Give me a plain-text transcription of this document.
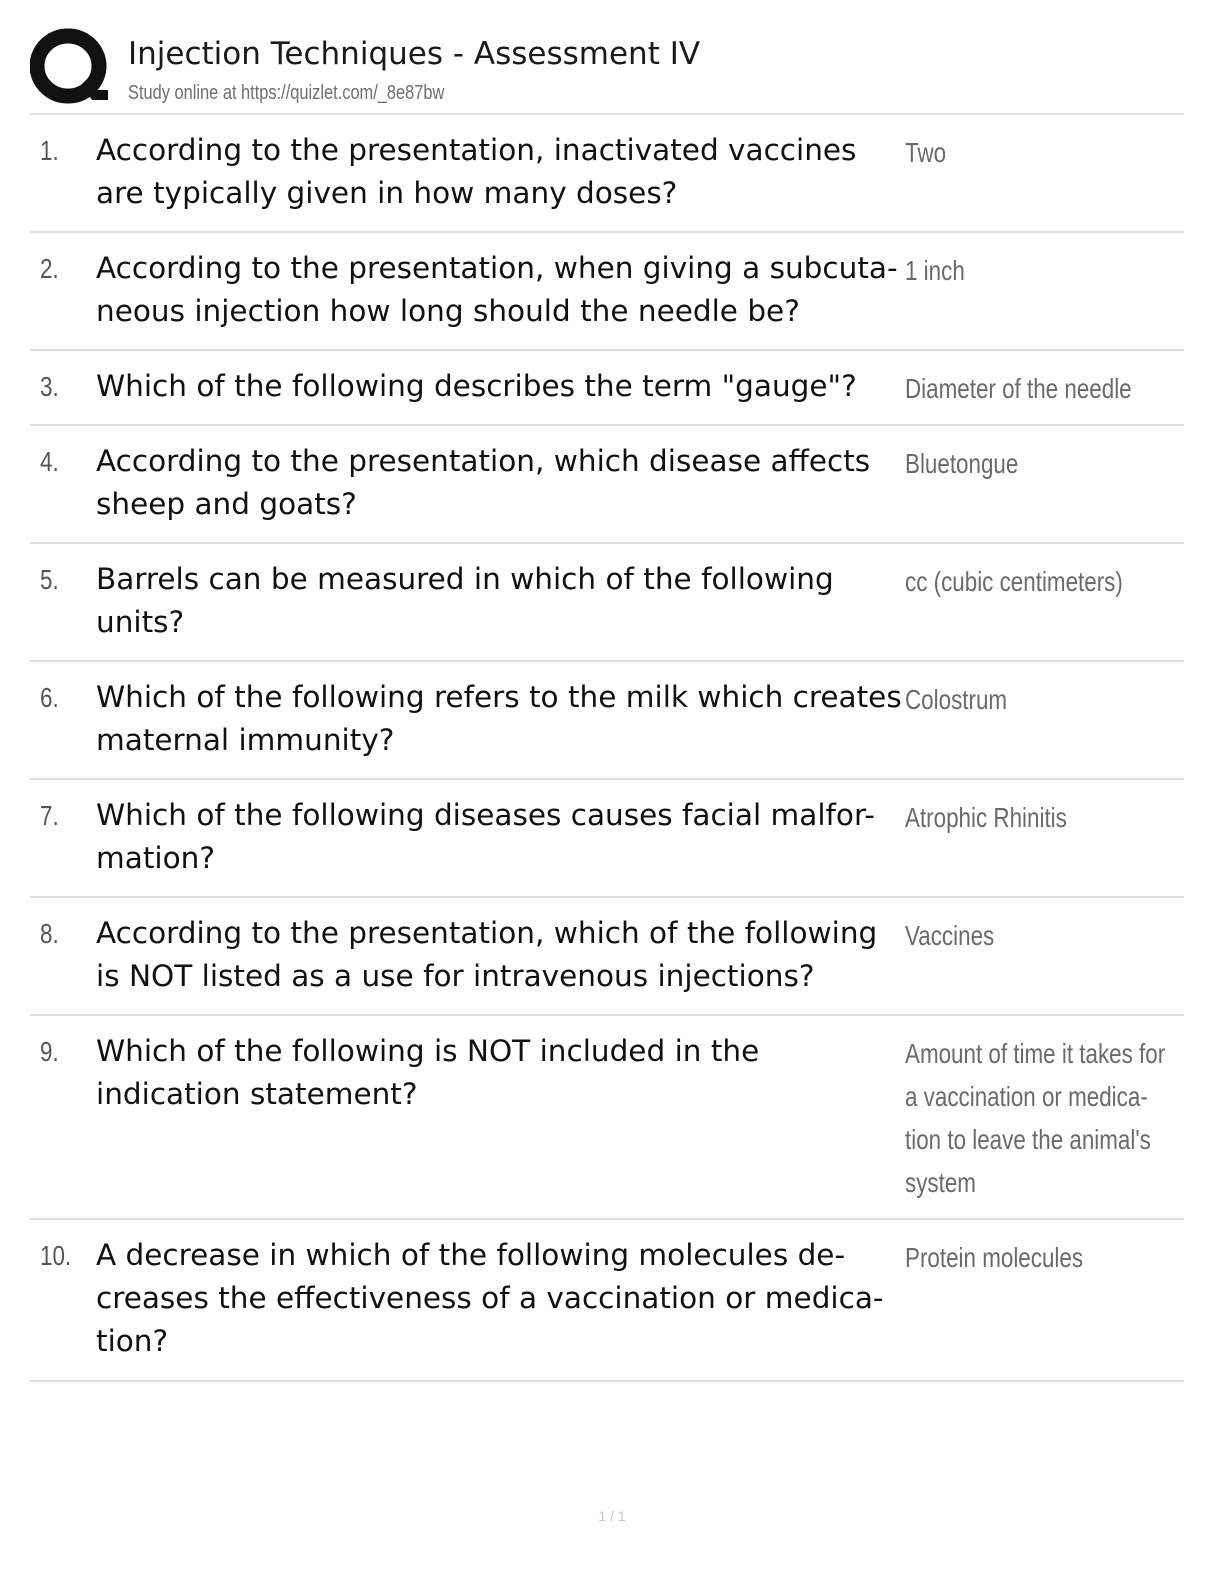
Injection Techniques - Assessment IV
Study online at https://quizlet.com/_8e87bw
1. According to the presentation, inactivated vaccines are typically given in how many doses?
Two
2. According to the presentation, when giving a subcuta-neous injection how long should the needle be?
1 inch
3. Which of the following describes the term "gauge"?	Diameter of the needle
4. According to the presentation, which disease affects sheep and goats?
Bluetongue
5. Barrels can be measured in which of the following units?
cc (cubic centimeters)
6. Which of the following refers to the milk which creates maternal immunity?
Colostrum
7. Which of the following diseases causes facial malfor-mation?
Atrophic Rhinitis
8. According to the presentation, which of the following is NOT listed as a use for intravenous injections?
Vaccines
9. Which of the following is NOT included in the indication statement?
Amount of time it takes for a vaccination or medica-tion to leave the animal's system
10. A decrease in which of the following molecules de-creases the effectiveness of a vaccination or medica-tion?
Protein molecules
1 / 1
